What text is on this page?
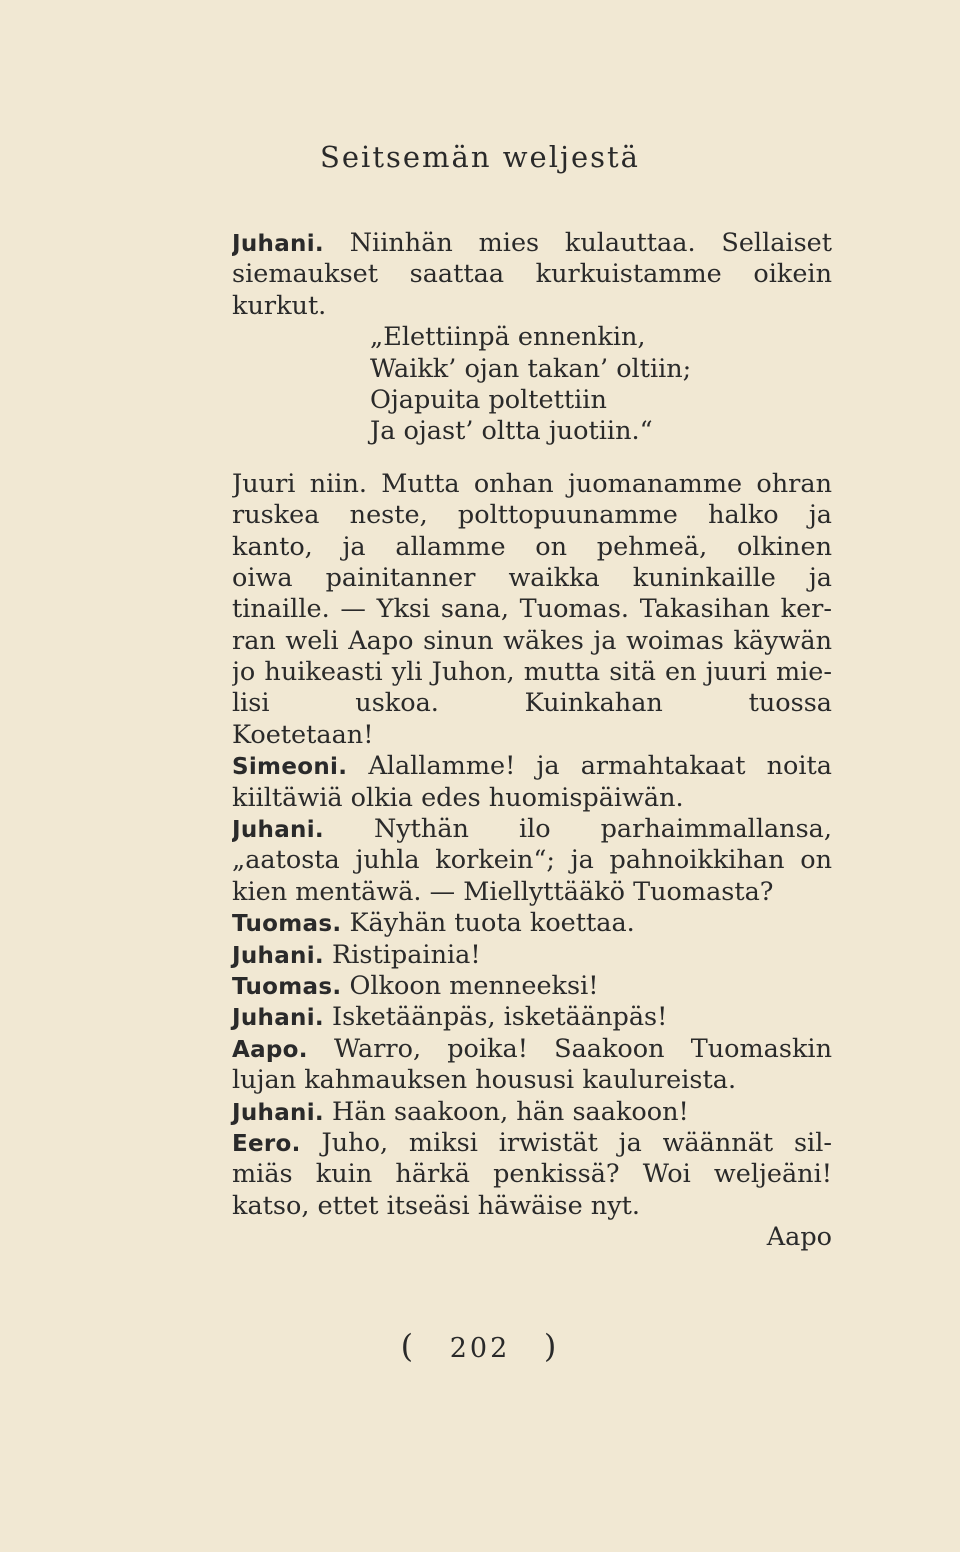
Seitsemän weljestä
Juhani . Niinhän mies kulauttaa. Sellaiset
siemaukset saattaa kurkuistamme oikein
kurkut.
„Elettiinpä ennenkin,
Waikk’ ojan takan’ oltiin;
Ojapuita poltettiin
Ja ojast’ oltta juotiin.“
Juuri niin. Mutta onhan juomanamme ohran
ruskea neste, polttopuunamme halko ja
kanto, ja allamme on pehmeä, olkinen
oiwa painitanner waikka kuninkaille ja
tinaille. — Yksi sana, Tuomas. Takasihan ker-
ran weli Aapo sinun wäkes ja woimas käywän
jo huikeasti yli Juhon, mutta sitä en juuri mie-
lisi uskoa. Kuinkahan tuossa
Koetetaan!
Simeoni . Alallamme! ja armahtakaat noita
kiiltäwiä olkia edes huomispäiwän.
Juhani . Nythän ilo parhaimmallansa,
„aatosta juhla korkein“; ja pahnoikkihan on
kien mentäwä. — Miellyttääkö Tuomasta?
Tuomas . Käyhän tuota koettaa.
Juhani . Ristipainia!
Tuomas . Olkoon menneeksi!
Juhani . Isketäänpäs, isketäänpäs!
Aapo . Warro, poika! Saakoon Tuomaskin
lujan kahmauksen housusi kaulureista.
Juhani . Hän saakoon, hän saakoon!
Eero . Juho, miksi irwistät ja wäännät sil-
miäs kuin härkä penkissä? Woi weljeäni!
katso, ettet itseäsi häwäise nyt.
Aapo
( 202 )
